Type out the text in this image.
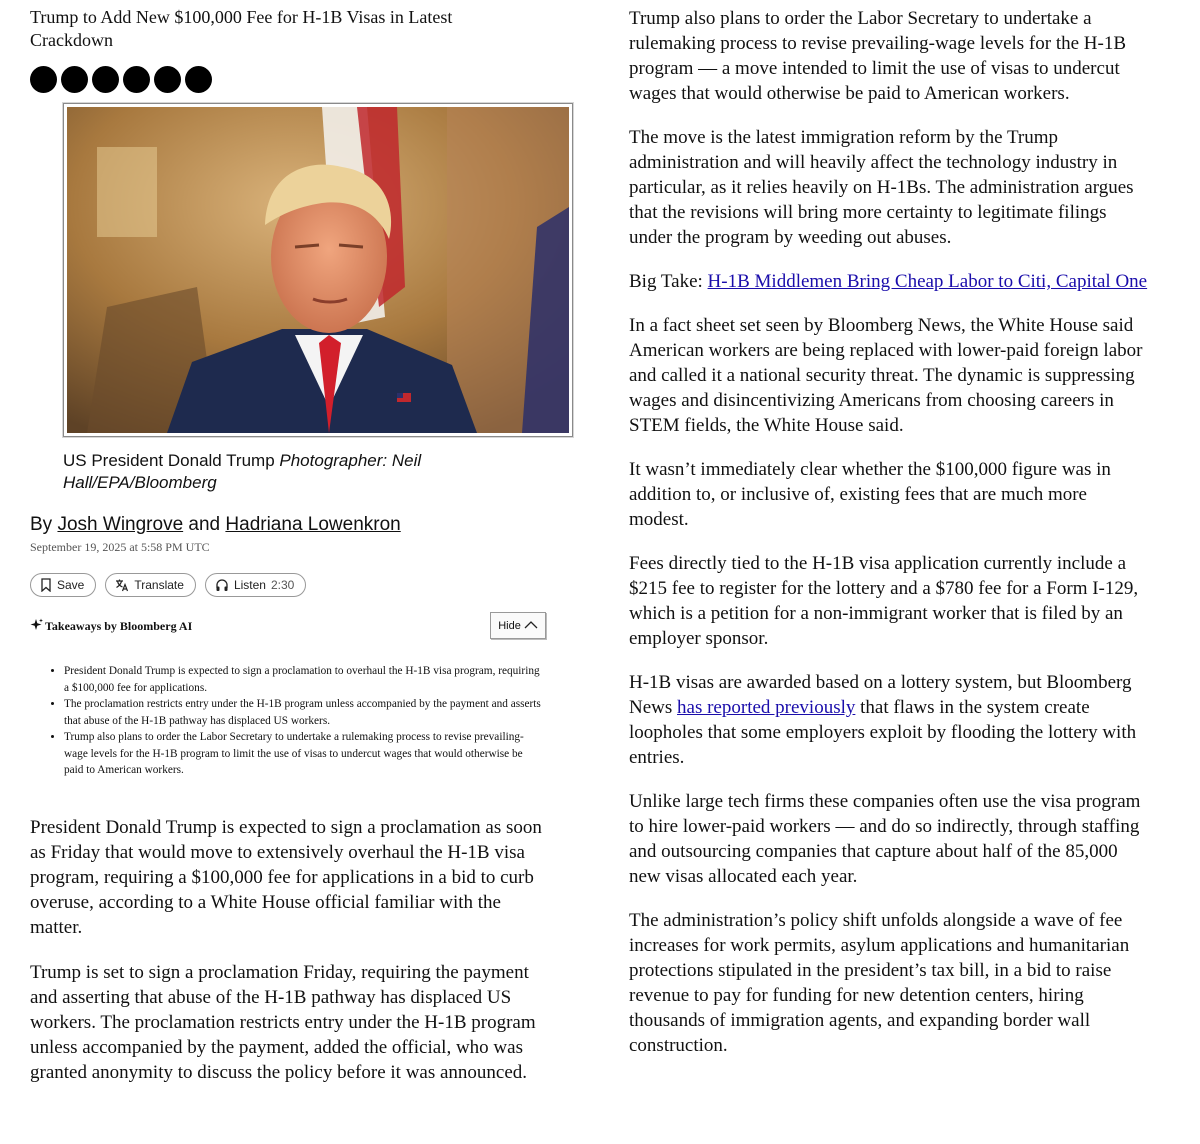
Trump to Add New $100,000 Fee for H-1B Visas in Latest Crackdown
US President Donald Trump Photographer: Neil Hall/EPA/Bloomberg
By Josh Wingrove and Hadriana Lowenkron
September 19, 2025 at 5:58 PM UTC
Save	Translate	Listen 2:30
Takeaways by Bloomberg AI	Hide
• President Donald Trump is expected to sign a proclamation to overhaul the H-1B visa program, requiring a $100,000 fee for applications.
• The proclamation restricts entry under the H-1B program unless accompanied by the payment and asserts that abuse of the H-1B pathway has displaced US workers.
• Trump also plans to order the Labor Secretary to undertake a rulemaking process to revise prevailing-wage levels for the H-1B program to limit the use of visas to undercut wages that would otherwise be paid to American workers.

President Donald Trump is expected to sign a proclamation as soon as Friday that would move to extensively overhaul the H-1B visa program, requiring a $100,000 fee for applications in a bid to curb overuse, according to a White House official familiar with the matter.

Trump is set to sign a proclamation Friday, requiring the payment and asserting that abuse of the H-1B pathway has displaced US workers. The proclamation restricts entry under the H-1B program unless accompanied by the payment, added the official, who was granted anonymity to discuss the policy before it was announced.

Trump also plans to order the Labor Secretary to undertake a rulemaking process to revise prevailing-wage levels for the H-1B program — a move intended to limit the use of visas to undercut wages that would otherwise be paid to American workers.

The move is the latest immigration reform by the Trump administration and will heavily affect the technology industry in particular, as it relies heavily on H-1Bs. The administration argues that the revisions will bring more certainty to legitimate filings under the program by weeding out abuses.

Big Take: H-1B Middlemen Bring Cheap Labor to Citi, Capital One

In a fact sheet set seen by Bloomberg News, the White House said American workers are being replaced with lower-paid foreign labor and called it a national security threat. The dynamic is suppressing wages and disincentivizing Americans from choosing careers in STEM fields, the White House said.

It wasn’t immediately clear whether the $100,000 figure was in addition to, or inclusive of, existing fees that are much more modest.

Fees directly tied to the H-1B visa application currently include a $215 fee to register for the lottery and a $780 fee for a Form I-129, which is a petition for a non-immigrant worker that is filed by an employer sponsor.

H-1B visas are awarded based on a lottery system, but Bloomberg News has reported previously that flaws in the system create loopholes that some employers exploit by flooding the lottery with entries.

Unlike large tech firms these companies often use the visa program to hire lower-paid workers — and do so indirectly, through staffing and outsourcing companies that capture about half of the 85,000 new visas allocated each year.

The administration’s policy shift unfolds alongside a wave of fee increases for work permits, asylum applications and humanitarian protections stipulated in the president’s tax bill, in a bid to raise revenue to pay for funding for new detention centers, hiring thousands of immigration agents, and expanding border wall construction.
